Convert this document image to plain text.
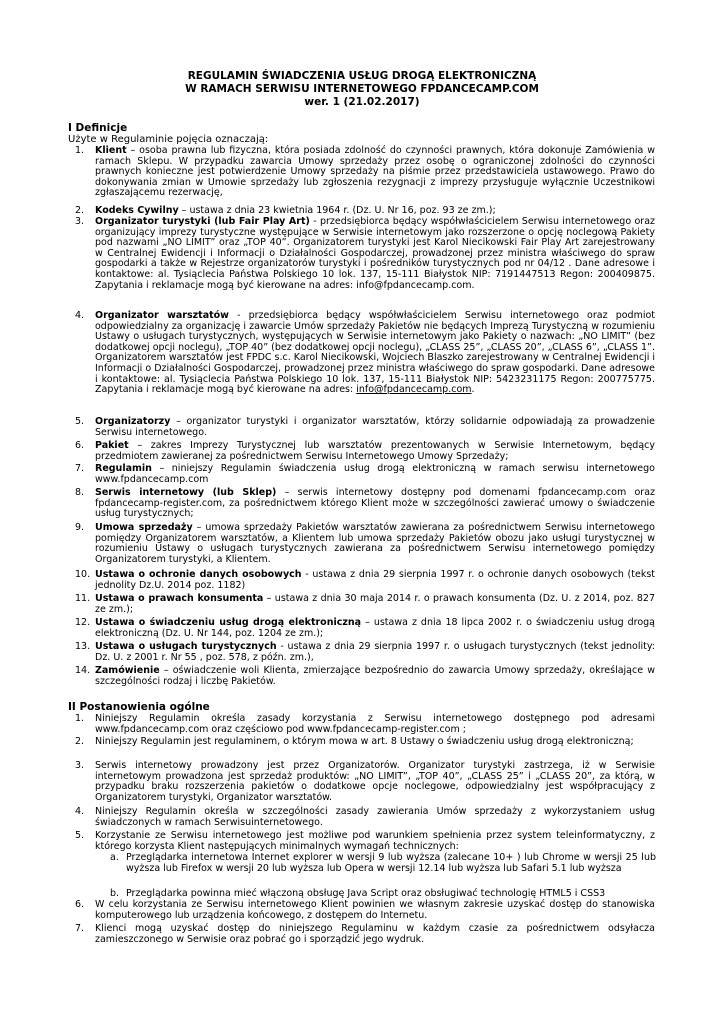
REGULAMIN ŚWIADCZENIA USŁUG DROGĄ ELEKTRONICZNĄ
W RAMACH SERWISU INTERNETOWEGO FPDANCECAMP.COM
wer. 1 (21.02.2017)
I Definicje
Użyte w Regulaminie pojęcia oznaczają:
1. Klient – osoba prawna lub fizyczna, która posiada zdolność do czynności prawnych, która dokonuje Zamówienia w ramach Sklepu. W przypadku zawarcia Umowy sprzedaży przez osobę o ograniczonej zdolności do czynności prawnych konieczne jest potwierdzenie Umowy sprzedaży na piśmie przez przedstawiciela ustawowego. Prawo do dokonywania zmian w Umowie sprzedaży lub zgłoszenia rezygnacji z imprezy przysługuje wyłącznie Uczestnikowi zgłaszającemu rezerwację,
2. Kodeks Cywilny – ustawa z dnia 23 kwietnia 1964 r. (Dz. U. Nr 16, poz. 93 ze zm.);
3. Organizator turystyki (lub Fair Play Art) - przedsiębiorca będący współwłaścicielem Serwisu internetowego oraz organizujący imprezy turystyczne występujące w Serwisie internetowym jako rozszerzone o opcję noclegową Pakiety pod nazwami „NO LIMIT” oraz „TOP 40”. Organizatorem turystyki jest Karol Niecikowski Fair Play Art zarejestrowany w Centralnej Ewidencji i Informacji o Działalności Gospodarczej, prowadzonej przez ministra właściwego do spraw gospodarki a także w Rejestrze organizatorów turystyki i pośredników turystycznych pod nr 04/12 . Dane adresowe i kontaktowe: al. Tysiąclecia Państwa Polskiego 10 lok. 137, 15-111 Białystok NIP: 7191447513 Regon: 200409875. Zapytania i reklamacje mogą być kierowane na adres: info@fpdancecamp.com.
4. Organizator warsztatów - przedsiębiorca będący współwłaścicielem Serwisu internetowego oraz podmiot odpowiedzialny za organizację i zawarcie Umów sprzedaży Pakietów nie będących Imprezą Turystyczną w rozumieniu Ustawy o usługach turystycznych, występujących w Serwisie internetowym jako Pakiety o nazwach: „NO LIMIT” (bez dodatkowej opcji noclegu), „TOP 40” (bez dodatkowej opcji noclegu), „CLASS 25”, „CLASS 20”, „CLASS 6”, „CLASS 1”. Organizatorem warsztatów jest FPDC s.c. Karol Niecikowski, Wojciech Blaszko zarejestrowany w Centralnej Ewidencji i Informacji o Działalności Gospodarczej, prowadzonej przez ministra właściwego do spraw gospodarki. Dane adresowe i kontaktowe: al. Tysiąclecia Państwa Polskiego 10 lok. 137, 15-111 Białystok NIP: 5423231175 Regon: 200775775. Zapytania i reklamacje mogą być kierowane na adres: info@fpdancecamp.com.
5. Organizatorzy – organizator turystyki i organizator warsztatów, którzy solidarnie odpowiadają za prowadzenie Serwisu internetowego.
6. Pakiet – zakres Imprezy Turystycznej lub warsztatów prezentowanych w Serwisie Internetowym, będący przedmiotem zawieranej za pośrednictwem Serwisu Internetowego Umowy Sprzedaży;
7. Regulamin – niniejszy Regulamin świadczenia usług drogą elektroniczną w ramach serwisu internetowego www.fpdancecamp.com
8. Serwis internetowy (lub Sklep) – serwis internetowy dostępny pod domenami fpdancecamp.com oraz fpdancecamp-register.com, za pośrednictwem którego Klient może w szczególności zawierać umowy o świadczenie usług turystycznych;
9. Umowa sprzedaży – umowa sprzedaży Pakietów warsztatów zawierana za pośrednictwem Serwisu internetowego pomiędzy Organizatorem warsztatów, a Klientem lub umowa sprzedaży Pakietów obozu jako usługi turystycznej w rozumieniu Ustawy o usługach turystycznych zawierana za pośrednictwem Serwisu internetowego pomiędzy Organizatorem turystyki, a Klientem.
10. Ustawa o ochronie danych osobowych - ustawa z dnia 29 sierpnia 1997 r. o ochronie danych osobowych (tekst jednolity Dz.U. 2014 poz. 1182)
11. Ustawa o prawach konsumenta – ustawa z dnia 30 maja 2014 r. o prawach konsumenta (Dz. U. z 2014, poz. 827 ze zm.);
12. Ustawa o świadczeniu usług drogą elektroniczną – ustawa z dnia 18 lipca 2002 r. o świadczeniu usług drogą elektroniczną (Dz. U. Nr 144, poz. 1204 ze zm.);
13. Ustawa o usługach turystycznych - ustawa z dnia 29 sierpnia 1997 r. o usługach turystycznych (tekst jednolity: Dz. U. z 2001 r. Nr 55 , poz. 578, z późn. zm.),
14. Zamówienie – oświadczenie woli Klienta, zmierzające bezpośrednio do zawarcia Umowy sprzedaży, określające w szczególności rodzaj i liczbę Pakietów.
II Postanowienia ogólne
1. Niniejszy Regulamin określa zasady korzystania z Serwisu internetowego dostępnego pod adresami www.fpdancecamp.com oraz częściowo pod www.fpdancecamp-register.com ;
2. Niniejszy Regulamin jest regulaminem, o którym mowa w art. 8 Ustawy o świadczeniu usług drogą elektroniczną;
3. Serwis internetowy prowadzony jest przez Organizatorów. Organizator turystyki zastrzega, iż w Serwisie internetowym prowadzona jest sprzedaż produktów: „NO LIMIT”, „TOP 40”, „CLASS 25” i „CLASS 20”, za którą, w przypadku braku rozszerzenia pakietów o dodatkowe opcje noclegowe, odpowiedzialny jest współpracujący z Organizatorem turystyki, Organizator warsztatów.
4. Niniejszy Regulamin określa w szczególności zasady zawierania Umów sprzedaży z wykorzystaniem usług świadczonych w ramach Serwisuinternetowego.
5. Korzystanie ze Serwisu internetowego jest możliwe pod warunkiem spełnienia przez system teleinformatyczny, z którego korzysta Klient następujących minimalnych wymagań technicznych:
a. Przeglądarka internetowa Internet explorer w wersji 9 lub wyższa (zalecane 10+ ) lub Chrome w wersji 25 lub wyższa lub Firefox w wersji 20 lub wyższa lub Opera w wersji 12.14 lub wyższa lub Safari 5.1 lub wyższa
b. Przeglądarka powinna mieć włączoną obsługę Java Script oraz obsługiwać technologię HTML5 i CSS3
6. W celu korzystania ze Serwisu internetowego Klient powinien we własnym zakresie uzyskać dostęp do stanowiska komputerowego lub urządzenia końcowego, z dostępem do Internetu.
7. Klienci mogą uzyskać dostęp do niniejszego Regulaminu w każdym czasie za pośrednictwem odsyłacza zamieszczonego w Serwisie oraz pobrać go i sporządzić jego wydruk.
